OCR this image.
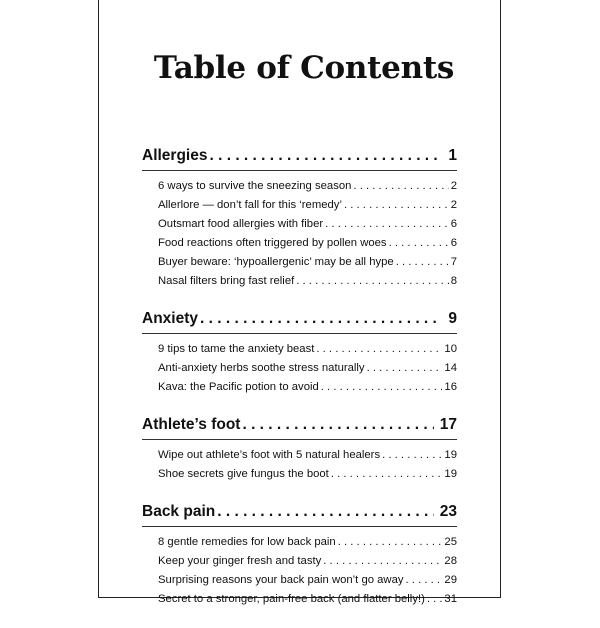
Table of Contents
Allergies . . .	1
6 ways to survive the sneezing season . . .	2
Allerlore — don’t fall for this ‘remedy’ . . .	2
Outsmart food allergies with fiber . . .	6
Food reactions often triggered by pollen woes . . .	6
Buyer beware: ‘hypoallergenic’ may be all hype . . .	7
Nasal filters bring fast relief . . .	8
Anxiety . . .	9
9 tips to tame the anxiety beast . . .	10
Anti-anxiety herbs soothe stress naturally . . .	14
Kava: the Pacific potion to avoid . . .	16
Athlete’s foot . . .	17
Wipe out athlete’s foot with 5 natural healers . . .	19
Shoe secrets give fungus the boot . . .	19
Back pain . . .	23
8 gentle remedies for low back pain . . .	25
Keep your ginger fresh and tasty . . .	28
Surprising reasons your back pain won’t go away . . .	29
Secret to a stronger, pain-free back (and flatter belly!) . . . 31
